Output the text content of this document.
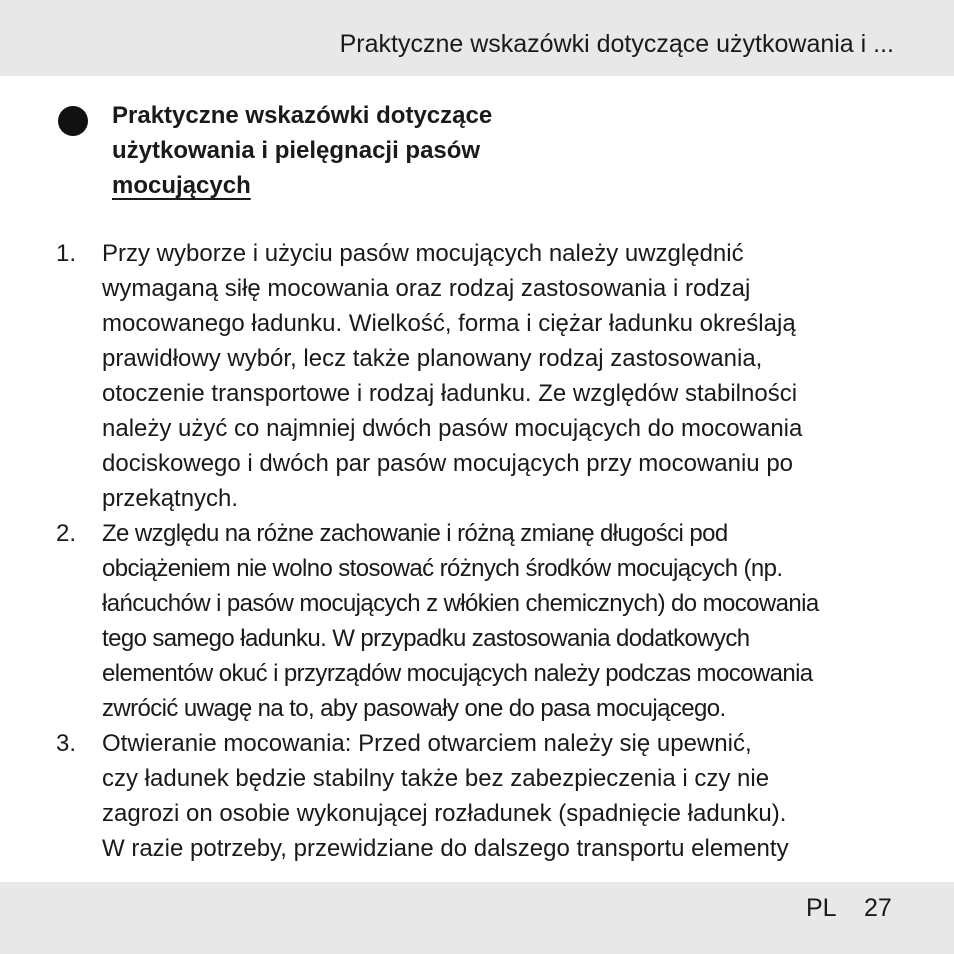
Praktyczne wskazówki dotyczące użytkowania i ...
Praktyczne wskazówki dotyczące
użytkowania i pielęgnacji pasów
mocujących
1. Przy wyborze i użyciu pasów mocujących należy uwzględnić
wymaganą siłę mocowania oraz rodzaj zastosowania i rodzaj
mocowanego ładunku. Wielkość, forma i ciężar ładunku określają
prawidłowy wybór, lecz także planowany rodzaj zastosowania,
otoczenie transportowe i rodzaj ładunku. Ze względów stabilności
należy użyć co najmniej dwóch pasów mocujących do mocowania
dociskowego i dwóch par pasów mocujących przy mocowaniu po
przekątnych.
2. Ze względu na różne zachowanie i różną zmianę długości pod
obciążeniem nie wolno stosować różnych środków mocujących (np.
łańcuchów i pasów mocujących z włókien chemicznych) do mocowania
tego samego ładunku. W przypadku zastosowania dodatkowych
elementów okuć i przyrządów mocujących należy podczas mocowania
zwrócić uwagę na to, aby pasowały one do pasa mocującego.
3. Otwieranie mocowania: Przed otwarciem należy się upewnić,
czy ładunek będzie stabilny także bez zabezpieczenia i czy nie
zagrozi on osobie wykonującej rozładunek (spadnięcie ładunku).
W razie potrzeby, przewidziane do dalszego transportu elementy
PL 27
